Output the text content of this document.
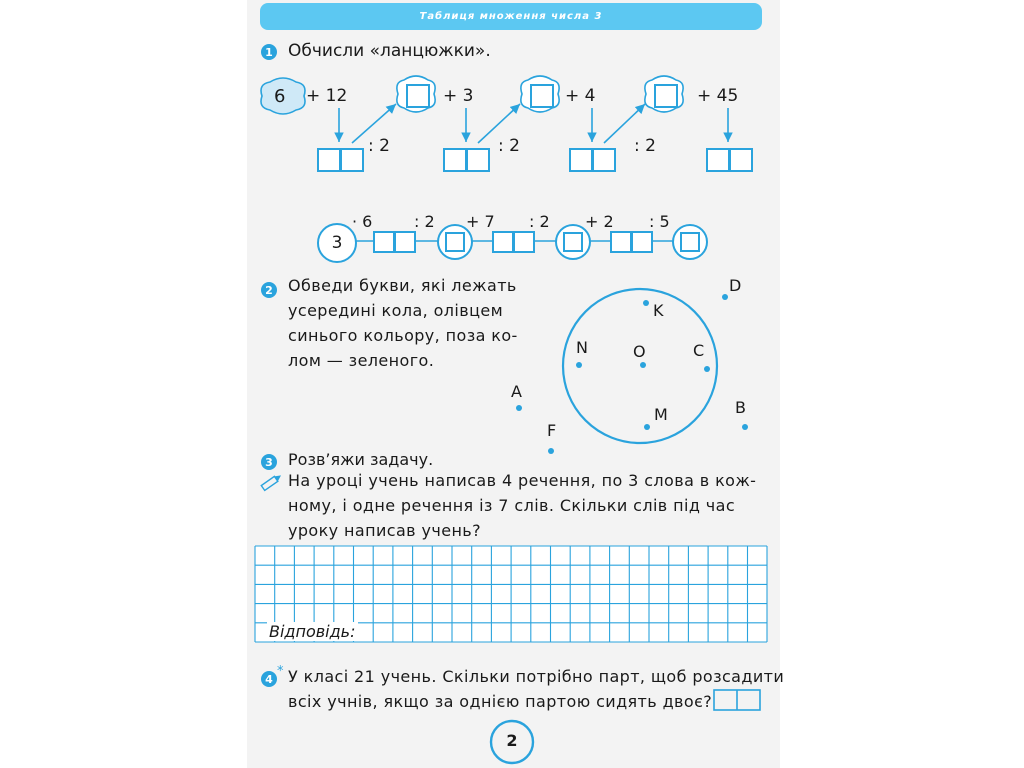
Таблиця множення числа 3
1 Обчисли «ланцюжки».
6 + 12	+ 3	+ 4	+ 45
: 2	: 2	: 2
3
· 6	: 2 + 7 : 2 + 2 : 5
2 Обведи букви, які лежать
усередині кола, олівцем
синього кольору, поза ко-
лом — зеленого.
K
D
N	O	C
A
M	B
F
3 Розв’яжи задачу.
На уроці учень написав 4 речення, по 3 слова в кож-
ному, і одне речення із 7 слів. Скільки слів під час
уроку написав учень?
Відповідь:
4 * У класі 21 учень. Скільки потрібно парт, щоб розсадити
всіх учнів, якщо за однією партою сидять двоє?
2
